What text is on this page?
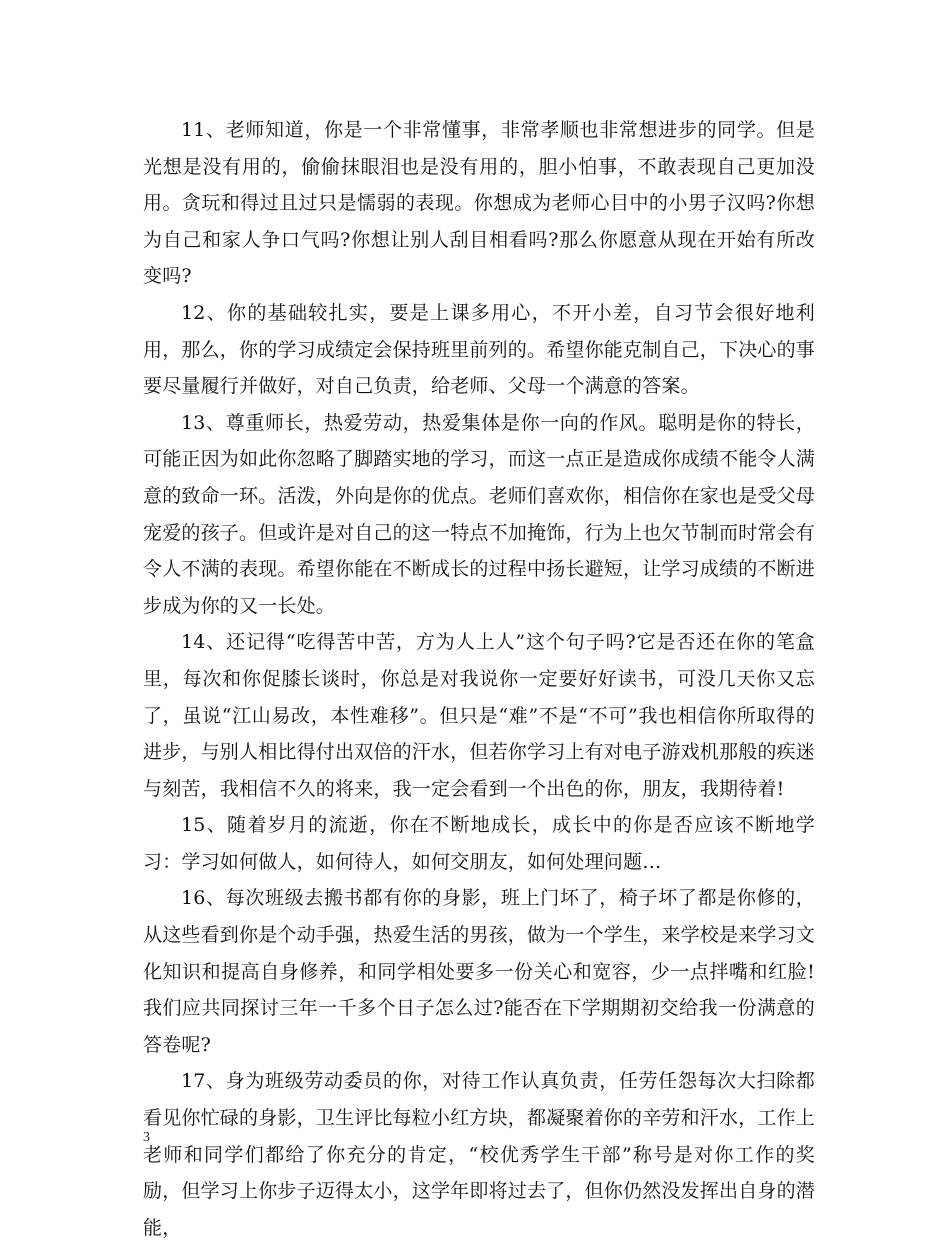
11、老师知道，你是一个非常懂事，非常孝顺也非常想进步的同学。但是光想是没有用的，偷偷抹眼泪也是没有用的，胆小怕事，不敢表现自己更加没用。贪玩和得过且过只是懦弱的表现。你想成为老师心目中的小男子汉吗?你想为自己和家人争口气吗?你想让别人刮目相看吗?那么你愿意从现在开始有所改变吗?

12、你的基础较扎实，要是上课多用心，不开小差，自习节会很好地利用，那么，你的学习成绩定会保持班里前列的。希望你能克制自己，下决心的事要尽量履行并做好，对自己负责，给老师、父母一个满意的答案。

13、尊重师长，热爱劳动，热爱集体是你一向的作风。聪明是你的特长，可能正因为如此你忽略了脚踏实地的学习，而这一点正是造成你成绩不能令人满意的致命一环。活泼，外向是你的优点。老师们喜欢你，相信你在家也是受父母宠爱的孩子。但或许是对自己的这一特点不加掩饰，行为上也欠节制而时常会有令人不满的表现。希望你能在不断成长的过程中扬长避短，让学习成绩的不断进步成为你的又一长处。

14、还记得“吃得苦中苦，方为人上人”这个句子吗?它是否还在你的笔盒里，每次和你促膝长谈时，你总是对我说你一定要好好读书，可没几天你又忘了，虽说“江山易改，本性难移”。但只是“难”不是“不可”我也相信你所取得的进步，与别人相比得付出双倍的汗水，但若你学习上有对电子游戏机那般的疾迷与刻苦，我相信不久的将来，我一定会看到一个出色的你，朋友，我期待着!

15、随着岁月的流逝，你在不断地成长，成长中的你是否应该不断地学习：学习如何做人，如何待人，如何交朋友，如何处理问题…

16、每次班级去搬书都有你的身影，班上门坏了，椅子坏了都是你修的，从这些看到你是个动手强，热爱生活的男孩，做为一个学生，来学校是来学习文化知识和提高自身修养，和同学相处要多一份关心和宽容，少一点拌嘴和红脸!我们应共同探讨三年一千多个日子怎么过?能否在下学期期初交给我一份满意的答卷呢?

17、身为班级劳动委员的你，对待工作认真负责，任劳任怨每次大扫除都看见你忙碌的身影，卫生评比每粒小红方块，都凝聚着你的辛劳和汗水，工作上老师和同学们都给了你充分的肯定，“校优秀学生干部”称号是对你工作的奖励，但学习上你步子迈得太小，这学年即将过去了，但你仍然没发挥出自身的潜能，

3
